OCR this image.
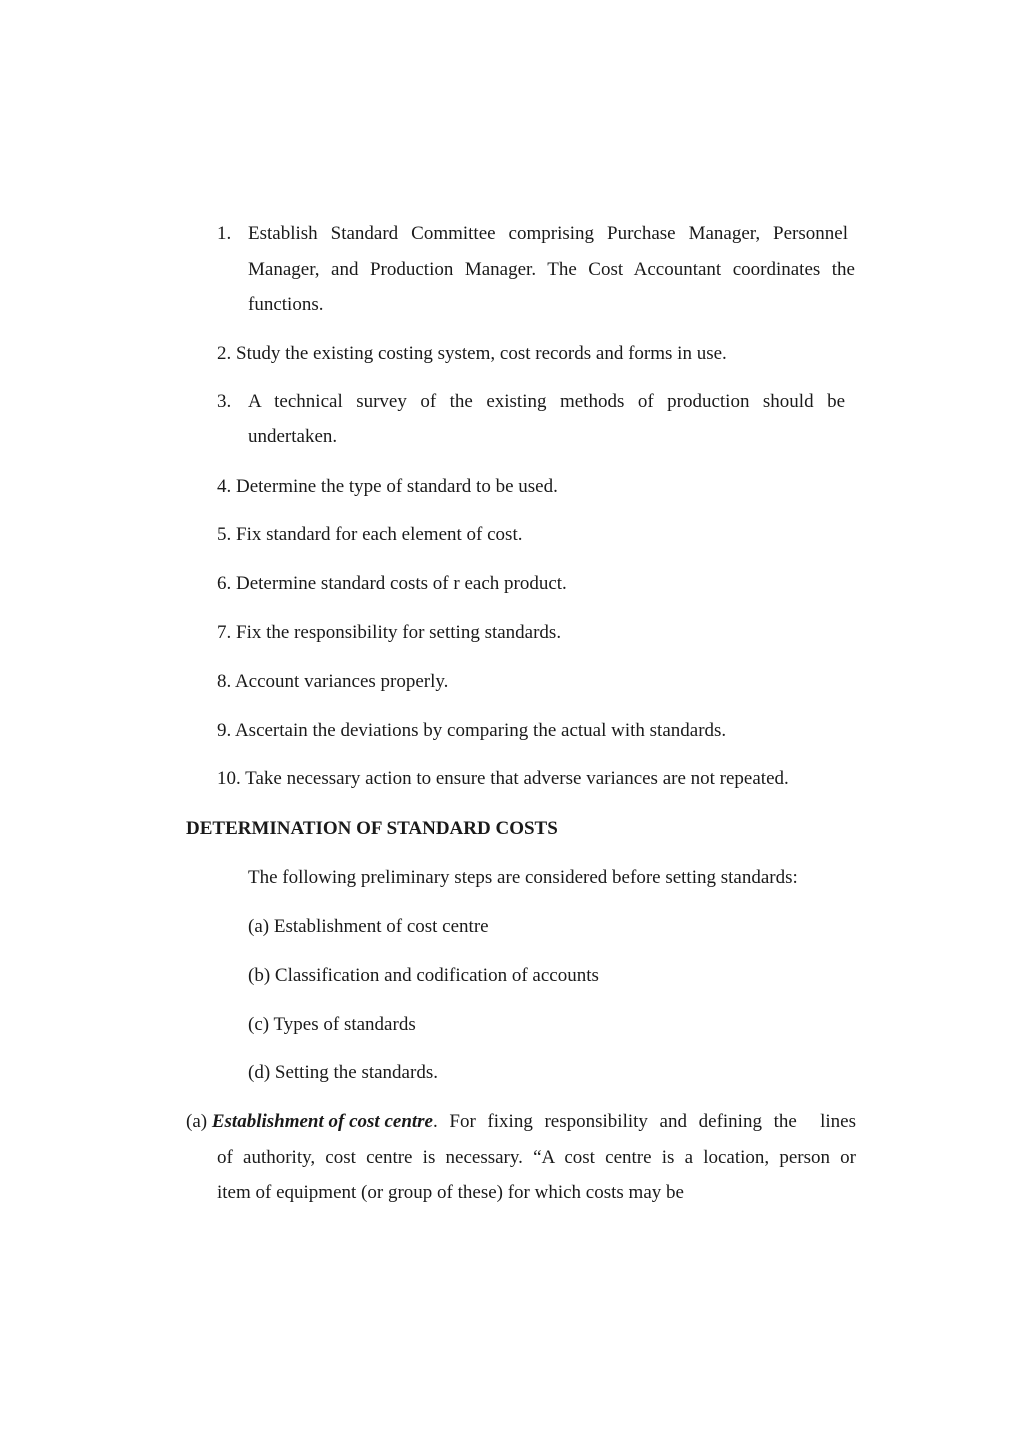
1. Establish Standard Committee comprising Purchase Manager, Personnel
Manager, and Production Manager. The Cost Accountant coordinates the
functions.
2. Study the existing costing system, cost records and forms in use.
3. A technical survey of the existing methods of production should be
undertaken.
4. Determine the type of standard to be used.
5. Fix standard for each element of cost.
6. Determine standard costs of r each product.
7. Fix the responsibility for setting standards.
8. Account variances properly.
9. Ascertain the deviations by comparing the actual with standards.
10. Take necessary action to ensure that adverse variances are not repeated.
DETERMINATION OF STANDARD COSTS
The following preliminary steps are considered before setting standards:
(a) Establishment of cost centre
(b) Classification and codification of accounts
(c) Types of standards
(d) Setting the standards.
(a)
Establishment of cost centre . For fixing responsibility and defining the  lines
of authority, cost centre is necessary. “A cost centre is a location, person or
item of equipment (or group of these) for which costs may be
